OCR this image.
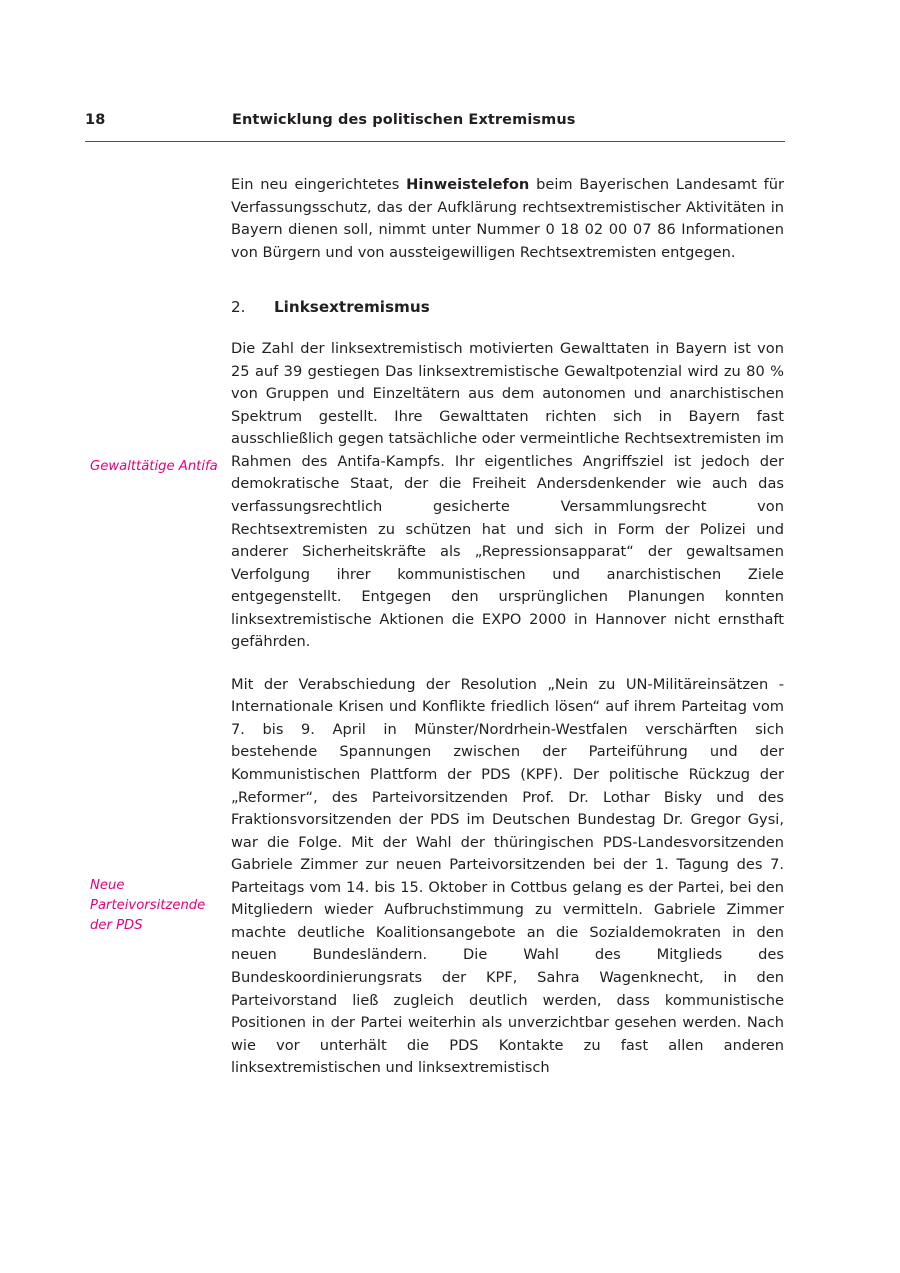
18	Entwicklung des politischen Extremismus
Gewalttätige Antifa
Neue Parteivorsitzende der PDS

Ein neu eingerichtetes Hinweistelefon beim Bayerischen Landesamt für Verfassungsschutz, das der Aufklärung rechtsextremistischer Aktivitäten in Bayern dienen soll, nimmt unter Nummer 0 18 02 00 07 86 Informationen von Bürgern und von aussteigewilligen Rechtsextremisten entgegen.

2.	Linksextremismus

Die Zahl der linksextremistisch motivierten Gewalttaten in Bayern ist von 25 auf 39 gestiegen Das linksextremistische Gewaltpotenzial wird zu 80 % von Gruppen und Einzeltätern aus dem autonomen und anarchistischen Spektrum gestellt. Ihre Gewalttaten richten sich in Bayern fast ausschließlich gegen tatsächliche oder vermeintliche Rechtsextremisten im Rahmen des Antifa-Kampfs. Ihr eigentliches Angriffsziel ist jedoch der demokratische Staat, der die Freiheit Andersdenkender wie auch das verfassungsrechtlich gesicherte Versammlungsrecht von Rechtsextremisten zu schützen hat und sich in Form der Polizei und anderer Sicherheitskräfte als „Repressionsapparat“ der gewaltsamen Verfolgung ihrer kommunistischen und anarchistischen Ziele entgegenstellt. Entgegen den ursprünglichen Planungen konnten linksextremistische Aktionen die EXPO 2000 in Hannover nicht ernsthaft gefährden.

Mit der Verabschiedung der Resolution „Nein zu UN-Militäreinsätzen - Internationale Krisen und Konflikte friedlich lösen“ auf ihrem Parteitag vom 7. bis 9. April in Münster/Nordrhein-Westfalen verschärften sich bestehende Spannungen zwischen der Parteiführung und der Kommunistischen Plattform der PDS (KPF). Der politische Rückzug der „Reformer“, des Parteivorsitzenden Prof. Dr. Lothar Bisky und des Fraktionsvorsitzenden der PDS im Deutschen Bundestag Dr. Gregor Gysi, war die Folge. Mit der Wahl der thüringischen PDS-Landesvorsitzenden Gabriele Zimmer zur neuen Parteivorsitzenden bei der 1. Tagung des 7. Parteitags vom 14. bis 15. Oktober in Cottbus gelang es der Partei, bei den Mitgliedern wieder Aufbruchstimmung zu vermitteln. Gabriele Zimmer machte deutliche Koalitionsangebote an die Sozialdemokraten in den neuen Bundesländern. Die Wahl des Mitglieds des Bundeskoordinierungsrats der KPF, Sahra Wagenknecht, in den Parteivorstand ließ zugleich deutlich werden, dass kommunistische Positionen in der Partei weiterhin als unverzichtbar gesehen werden. Nach wie vor unterhält die PDS Kontakte zu fast allen anderen linksextremistischen und linksextremistisch
